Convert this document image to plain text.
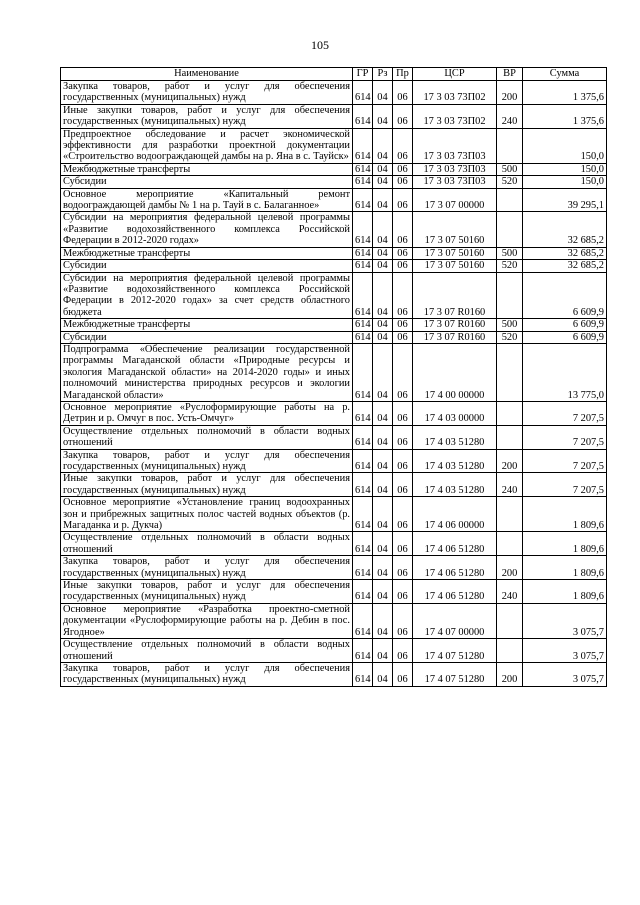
105
Наименование	ГР	Рз	Пр	ЦСР	ВР	Сумма
Закупка товаров, работ и услуг для обеспечения государственных (муниципальных) нужд	614	04	06	17 3 03 73П02	200	1 375,6
Иные закупки товаров, работ и услуг для обеспечения государственных (муниципальных) нужд	614	04	06	17 3 03 73П02	240	1 375,6
Предпроектное обследование и расчет экономической эффективности для разработки проектной документации «Строительство водоограждающей дамбы на р. Яна в с. Тауйск»	614	04	06	17 3 03 73П03		150,0
Межбюджетные трансферты	614	04	06	17 3 03 73П03	500	150,0
Субсидии	614	04	06	17 3 03 73П03	520	150,0
Основное мероприятие «Капитальный ремонт водоограждающей дамбы № 1 на р. Тауй в с. Балаганное»	614	04	06	17 3 07 00000		39 295,1
Субсидии на мероприятия федеральной целевой программы «Развитие водохозяйственного комплекса Российской Федерации в 2012-2020 годах»	614	04	06	17 3 07 50160		32 685,2
Межбюджетные трансферты	614	04	06	17 3 07 50160	500	32 685,2
Субсидии	614	04	06	17 3 07 50160	520	32 685,2
Субсидии на мероприятия федеральной целевой программы «Развитие водохозяйственного комплекса Российской Федерации в 2012-2020 годах» за счет средств областного бюджета	614	04	06	17 3 07 R0160		6 609,9
Межбюджетные трансферты	614	04	06	17 3 07 R0160	500	6 609,9
Субсидии	614	04	06	17 3 07 R0160	520	6 609,9
Подпрограмма «Обеспечение реализации государственной программы Магаданской области «Природные ресурсы и экология Магаданской области» на 2014-2020 годы» и иных полномочий министерства природных ресурсов и экологии Магаданской области»	614	04	06	17 4 00 00000		13 775,0
Основное мероприятие «Руслоформирующие работы на р. Детрин и р. Омчуг в пос. Усть-Омчуг»	614	04	06	17 4 03 00000		7 207,5
Осуществление отдельных полномочий в области водных отношений	614	04	06	17 4 03 51280		7 207,5
Закупка товаров, работ и услуг для обеспечения государственных (муниципальных) нужд	614	04	06	17 4 03 51280	200	7 207,5
Иные закупки товаров, работ и услуг для обеспечения государственных (муниципальных) нужд	614	04	06	17 4 03 51280	240	7 207,5
Основное мероприятие «Установление границ водоохранных зон и прибрежных защитных полос частей водных объектов (р. Магаданка и р. Дукча)	614	04	06	17 4 06 00000		1 809,6
Осуществление отдельных полномочий в области водных отношений	614	04	06	17 4 06 51280		1 809,6
Закупка товаров, работ и услуг для обеспечения государственных (муниципальных) нужд	614	04	06	17 4 06 51280	200	1 809,6
Иные закупки товаров, работ и услуг для обеспечения государственных (муниципальных) нужд	614	04	06	17 4 06 51280	240	1 809,6
Основное мероприятие «Разработка проектно-сметной документации «Руслоформирующие работы на р. Дебин в пос. Ягодное»	614	04	06	17 4 07 00000		3 075,7
Осуществление отдельных полномочий в области водных отношений	614	04	06	17 4 07 51280		3 075,7
Закупка товаров, работ и услуг для обеспечения государственных (муниципальных) нужд	614	04	06	17 4 07 51280	200	3 075,7
